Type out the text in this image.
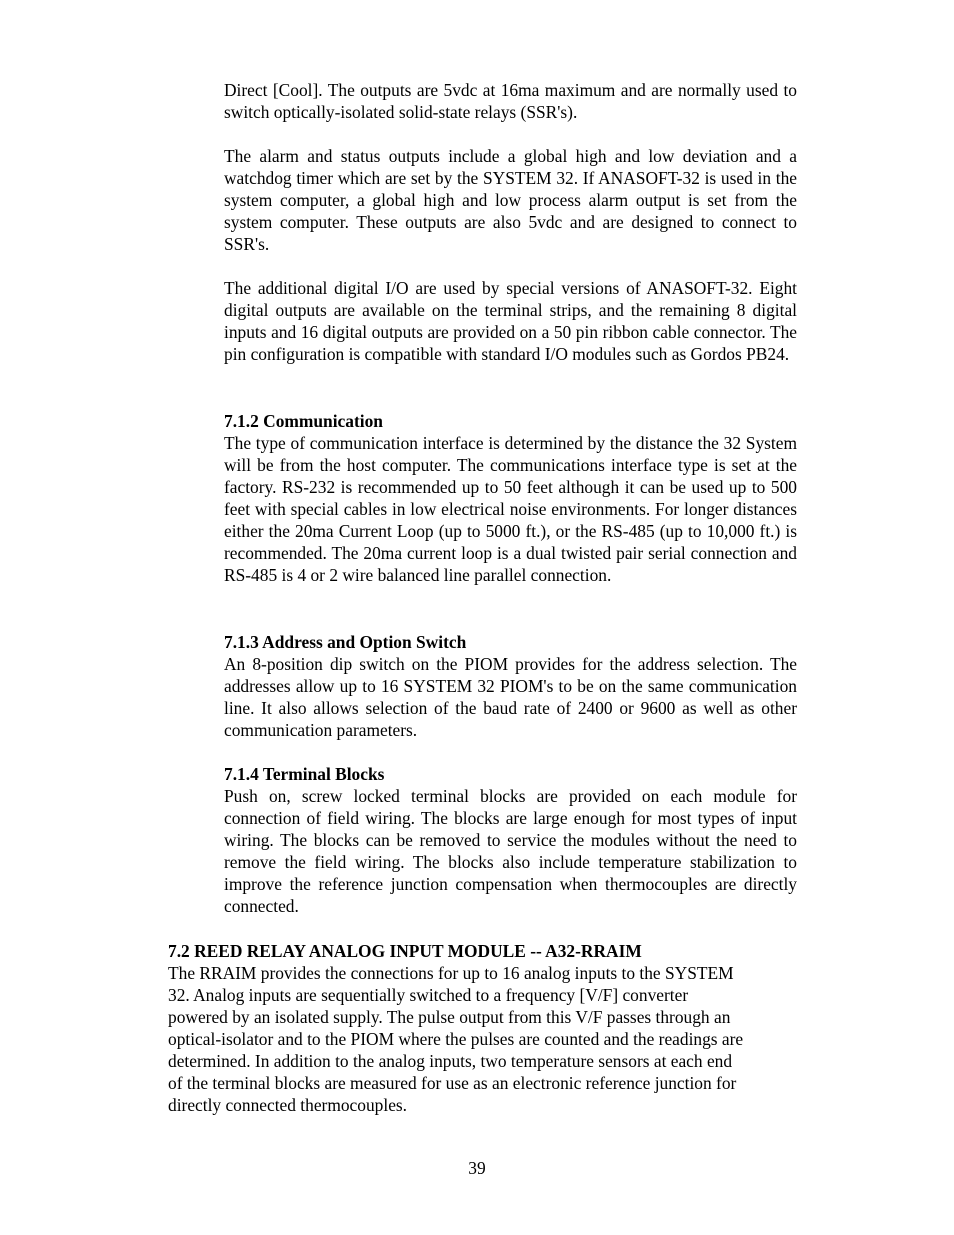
Direct [Cool]. The outputs are 5vdc at 16ma maximum and are normally used to switch optically-isolated solid-state relays (SSR's).

The alarm and status outputs include a global high and low deviation and a watchdog timer which are set by the SYSTEM 32. If ANASOFT-32 is used in the system computer, a global high and low process alarm output is set from the system computer. These outputs are also 5vdc and are designed to connect to SSR's.

The additional digital I/O are used by special versions of ANASOFT-32. Eight digital outputs are available on the terminal strips, and the remaining 8 digital inputs and 16 digital outputs are provided on a 50 pin ribbon cable connector. The pin configuration is compatible with standard I/O modules such as Gordos PB24.

7.1.2 Communication

The type of communication interface is determined by the distance the 32 System will be from the host computer. The communications interface type is set at the factory. RS-232 is recommended up to 50 feet although it can be used up to 500 feet with special cables in low electrical noise environments. For longer distances either the 20ma Current Loop (up to 5000 ft.), or the RS-485 (up to 10,000 ft.) is recommended. The 20ma current loop is a dual twisted pair serial connection and RS-485 is 4 or 2 wire balanced line parallel connection.

7.1.3 Address and Option Switch

An 8-position dip switch on the PIOM provides for the address selection. The addresses allow up to 16 SYSTEM 32 PIOM's to be on the same communication line. It also allows selection of the baud rate of 2400 or 9600 as well as other communication parameters.

7.1.4 Terminal Blocks

Push on, screw locked terminal blocks are provided on each module for connection of field wiring. The blocks are large enough for most types of input wiring. The blocks can be removed to service the modules without the need to remove the field wiring. The blocks also include temperature stabilization to improve the reference junction compensation when thermocouples are directly connected.

7.2 REED RELAY ANALOG INPUT MODULE -- A32-RRAIM

The RRAIM provides the connections for up to 16 analog inputs to the SYSTEM

32. Analog inputs are sequentially switched to a frequency [V/F] converter

powered by an isolated supply. The pulse output from this V/F passes through an

optical-isolator and to the PIOM where the pulses are counted and the readings are

determined. In addition to the analog inputs, two temperature sensors at each end

of the terminal blocks are measured for use as an electronic reference junction for

directly connected thermocouples.

39
